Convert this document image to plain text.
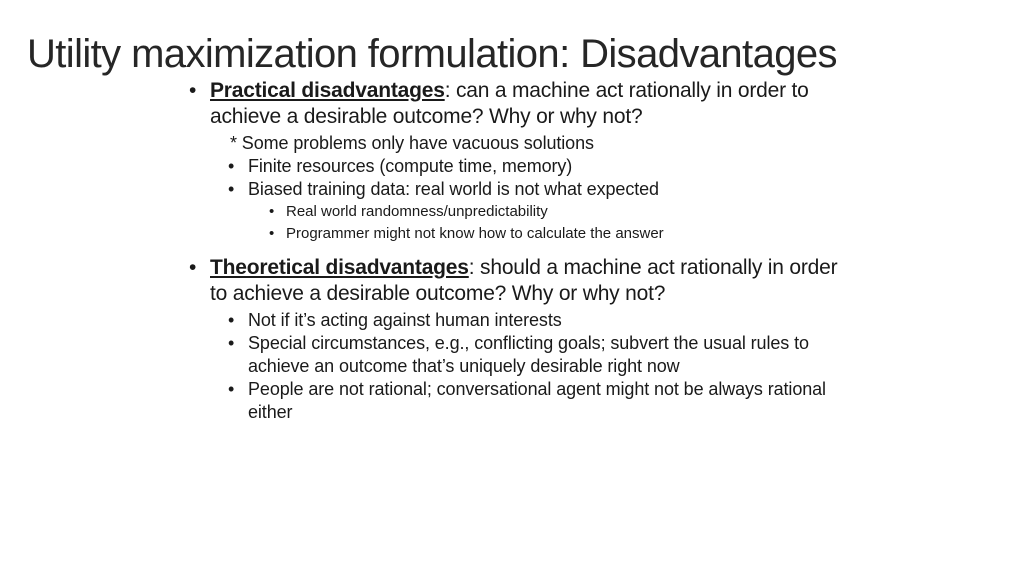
Utility maximization formulation: Disadvantages
• Practical disadvantages: can a machine act rationally in order to achieve a desirable outcome? Why or why not?
* Some problems only have vacuous solutions
• Finite resources (compute time, memory)
• Biased training data: real world is not what expected
• Real world randomness/unpredictability
• Programmer might not know how to calculate the answer
• Theoretical disadvantages: should a machine act rationally in order to achieve a desirable outcome? Why or why not?
• Not if it’s acting against human interests
• Special circumstances, e.g., conflicting goals; subvert the usual rules to achieve an outcome that’s uniquely desirable right now
• People are not rational; conversational agent might not be always rational either
